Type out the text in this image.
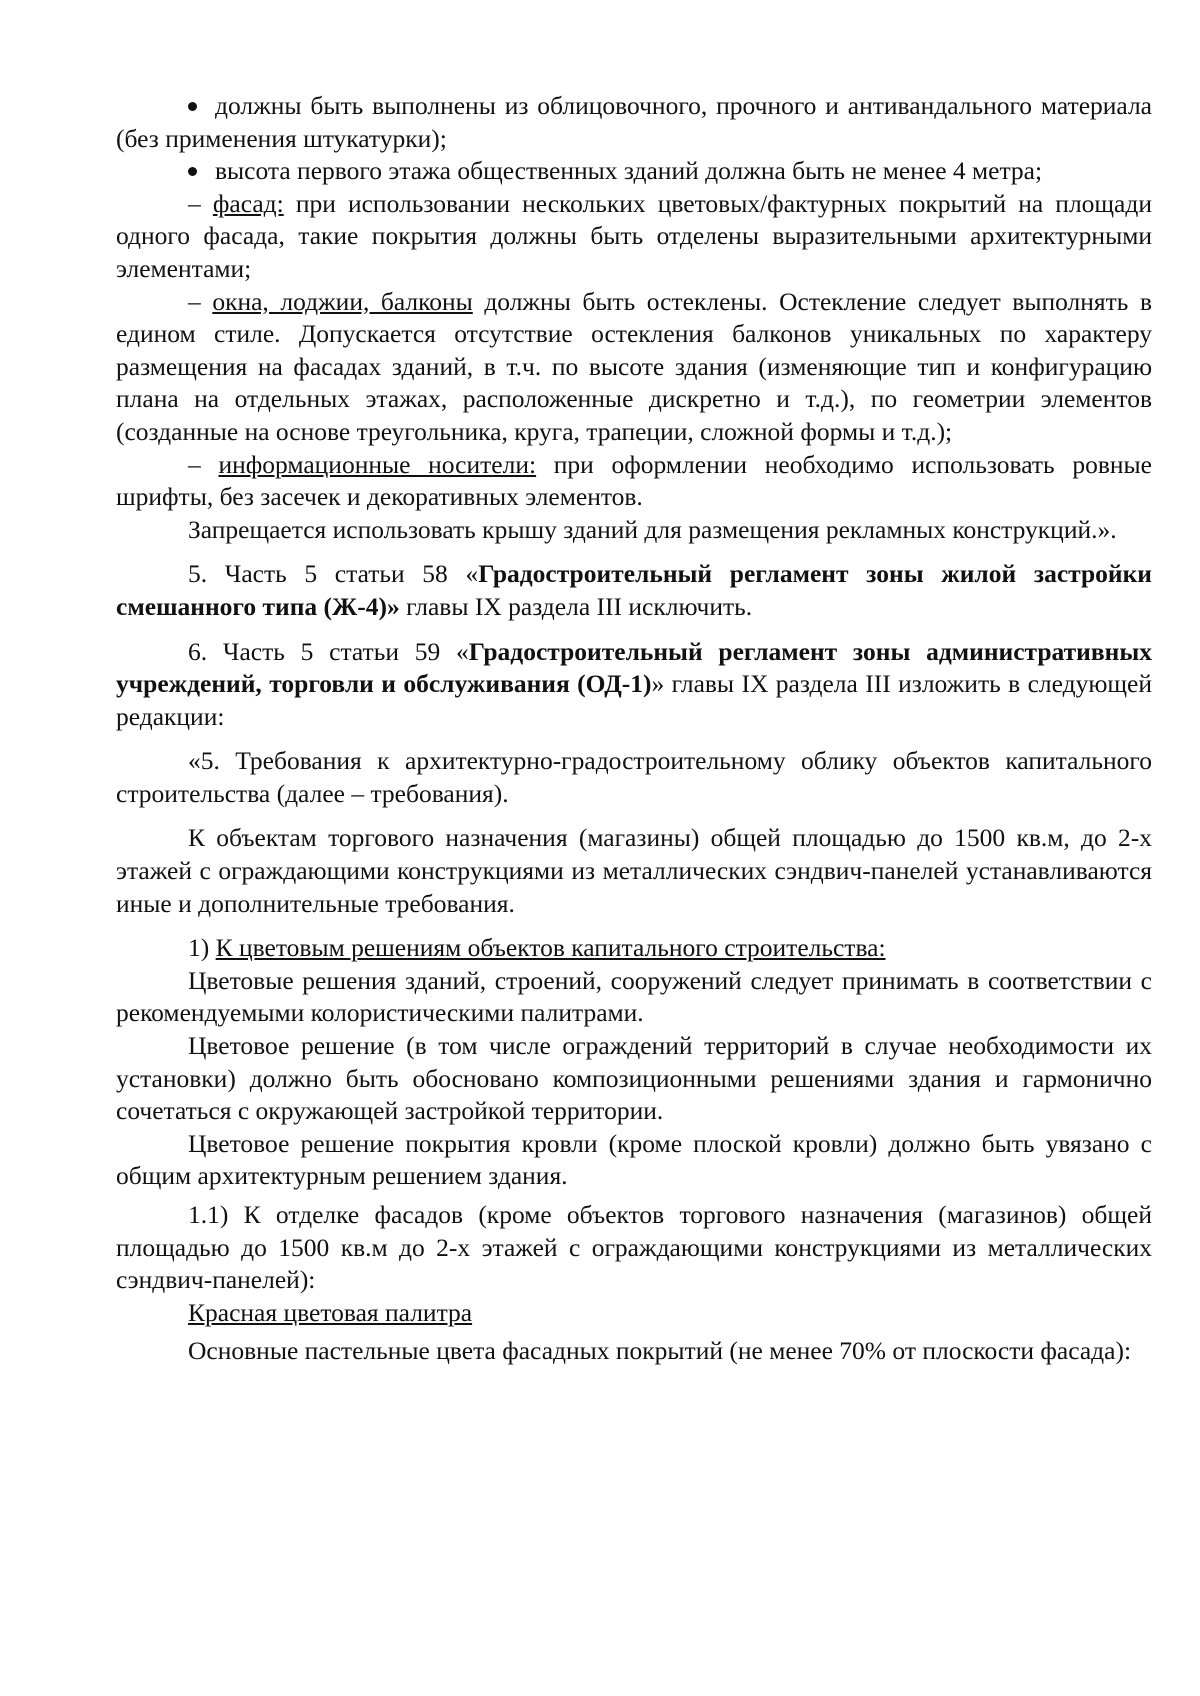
должны быть выполнены из облицовочного, прочного и антивандального материала (без применения штукатурки);

высота первого этажа общественных зданий должна быть не менее 4 метра;

– фасад: при использовании нескольких цветовых/фактурных покрытий на площади одного фасада, такие покрытия должны быть отделены выразительными архитектурными элементами;

– окна, лоджии, балконы должны быть остеклены. Остекление следует выполнять в едином стиле. Допускается отсутствие остекления балконов уникальных по характеру размещения на фасадах зданий, в т.ч. по высоте здания (изменяющие тип и конфигурацию плана на отдельных этажах, расположенные дискретно и т.д.), по геометрии элементов (созданные на основе треугольника, круга, трапеции, сложной формы и т.д.);

– информационные носители: при оформлении необходимо использовать ровные шрифты, без засечек и декоративных элементов.

Запрещается использовать крышу зданий для размещения рекламных конструкций.».

5. Часть 5 статьи 58 «Градостроительный регламент зоны жилой застройки смешанного типа (Ж-4)» главы IX раздела III исключить.

6. Часть 5 статьи 59 «Градостроительный регламент зоны административных учреждений, торговли и обслуживания (ОД-1)» главы IX раздела III изложить в следующей редакции:

«5. Требования к архитектурно-градостроительному облику объектов капитального строительства (далее – требования).

К объектам торгового назначения (магазины) общей площадью до 1500 кв.м, до 2-х этажей с ограждающими конструкциями из металлических сэндвич-панелей устанавливаются иные и дополнительные требования.

1) К цветовым решениям объектов капитального строительства:

Цветовые решения зданий, строений, сооружений следует принимать в соответствии с рекомендуемыми колористическими палитрами.

Цветовое решение (в том числе ограждений территорий в случае необходимости их установки) должно быть обосновано композиционными решениями здания и гармонично сочетаться с окружающей застройкой территории.

Цветовое решение покрытия кровли (кроме плоской кровли) должно быть увязано с общим архитектурным решением здания.

1.1) К отделке фасадов (кроме объектов торгового назначения (магазинов) общей площадью до 1500 кв.м до 2-х этажей с ограждающими конструкциями из металлических сэндвич-панелей):

Красная цветовая палитра

Основные пастельные цвета фасадных покрытий (не менее 70% от плоскости фасада):
